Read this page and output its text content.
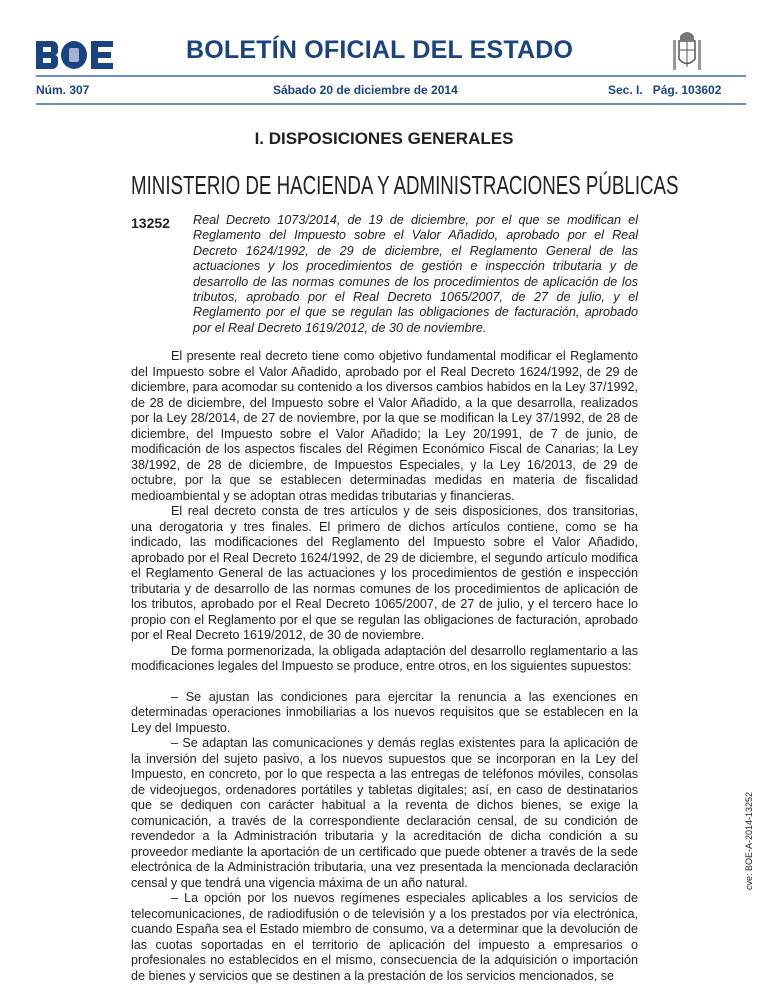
BOLETÍN OFICIAL DEL ESTADO
Núm. 307	Sábado 20 de diciembre de 2014	Sec. I.   Pág. 103602
I. DISPOSICIONES GENERALES
MINISTERIO DE HACIENDA Y ADMINISTRACIONES PÚBLICAS
13252 Real Decreto 1073/2014, de 19 de diciembre, por el que se modifican el Reglamento del Impuesto sobre el Valor Añadido, aprobado por el Real Decreto 1624/1992, de 29 de diciembre, el Reglamento General de las actuaciones y los procedimientos de gestión e inspección tributaria y de desarrollo de las normas comunes de los procedimientos de aplicación de los tributos, aprobado por el Real Decreto 1065/2007, de 27 de julio, y el Reglamento por el que se regulan las obligaciones de facturación, aprobado por el Real Decreto 1619/2012, de 30 de noviembre.

El presente real decreto tiene como objetivo fundamental modificar el Reglamento del Impuesto sobre el Valor Añadido, aprobado por el Real Decreto 1624/1992, de 29 de diciembre, para acomodar su contenido a los diversos cambios habidos en la Ley 37/1992, de 28 de diciembre, del Impuesto sobre el Valor Añadido, a la que desarrolla, realizados por la Ley 28/2014, de 27 de noviembre, por la que se modifican la Ley 37/1992, de 28 de diciembre, del Impuesto sobre el Valor Añadido; la Ley 20/1991, de 7 de junio, de modificación de los aspectos fiscales del Régimen Económico Fiscal de Canarias; la Ley 38/1992, de 28 de diciembre, de Impuestos Especiales, y la Ley 16/2013, de 29 de octubre, por la que se establecen determinadas medidas en materia de fiscalidad medioambiental y se adoptan otras medidas tributarias y financieras.

El real decreto consta de tres artículos y de seis disposiciones, dos transitorias, una derogatoria y tres finales. El primero de dichos artículos contiene, como se ha indicado, las modificaciones del Reglamento del Impuesto sobre el Valor Añadido, aprobado por el Real Decreto 1624/1992, de 29 de diciembre, el segundo artículo modifica el Reglamento General de las actuaciones y los procedimientos de gestión e inspección tributaria y de desarrollo de las normas comunes de los procedimientos de aplicación de los tributos, aprobado por el Real Decreto 1065/2007, de 27 de julio, y el tercero hace lo propio con el Reglamento por el que se regulan las obligaciones de facturación, aprobado por el Real Decreto 1619/2012, de 30 de noviembre.

De forma pormenorizada, la obligada adaptación del desarrollo reglamentario a las modificaciones legales del Impuesto se produce, entre otros, en los siguientes supuestos:

– Se ajustan las condiciones para ejercitar la renuncia a las exenciones en determinadas operaciones inmobiliarias a los nuevos requisitos que se establecen en la Ley del Impuesto.

– Se adaptan las comunicaciones y demás reglas existentes para la aplicación de la inversión del sujeto pasivo, a los nuevos supuestos que se incorporan en la Ley del Impuesto, en concreto, por lo que respecta a las entregas de teléfonos móviles, consolas de videojuegos, ordenadores portátiles y tabletas digitales; así, en caso de destinatarios que se dediquen con carácter habitual a la reventa de dichos bienes, se exige la comunicación, a través de la correspondiente declaración censal, de su condición de revendedor a la Administración tributaria y la acreditación de dicha condición a su proveedor mediante la aportación de un certificado que puede obtener a través de la sede electrónica de la Administración tributaria, una vez presentada la mencionada declaración censal y que tendrá una vigencia máxima de un año natural.

– La opción por los nuevos regímenes especiales aplicables a los servicios de telecomunicaciones, de radiodifusión o de televisión y a los prestados por vía electrónica, cuando España sea el Estado miembro de consumo, va a determinar que la devolución de las cuotas soportadas en el territorio de aplicación del impuesto a empresarios o profesionales no establecidos en el mismo, consecuencia de la adquisición o importación de bienes y servicios que se destinen a la prestación de los servicios mencionados, se

cve: BOE-A-2014-13252
